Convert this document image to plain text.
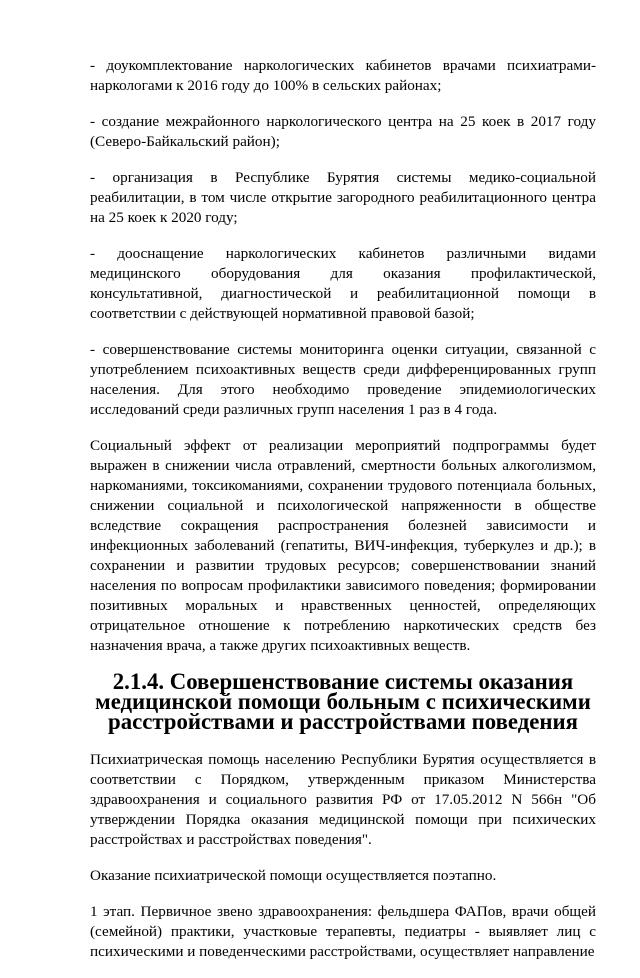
- доукомплектование наркологических кабинетов врачами психиатрами-наркологами к 2016 году до 100% в сельских районах;

- создание межрайонного наркологического центра на 25 коек в 2017 году (Северо-Байкальский район);

- организация в Республике Бурятия системы медико-социальной реабилитации, в том числе открытие загородного реабилитационного центра на 25 коек к 2020 году;

- дооснащение наркологических кабинетов различными видами медицинского оборудования для оказания профилактической, консультативной, диагностической и реабилитационной помощи в соответствии с действующей нормативной правовой базой;

- совершенствование системы мониторинга оценки ситуации, связанной с употреблением психоактивных веществ среди дифференцированных групп населения. Для этого необходимо проведение эпидемиологических исследований среди различных групп населения 1 раз в 4 года.

Социальный эффект от реализации мероприятий подпрограммы будет выражен в снижении числа отравлений, смертности больных алкоголизмом, наркоманиями, токсикоманиями, сохранении трудового потенциала больных, снижении социальной и психологической напряженности в обществе вследствие сокращения распространения болезней зависимости и инфекционных заболеваний (гепатиты, ВИЧ-инфекция, туберкулез и др.); в сохранении и развитии трудовых ресурсов; совершенствовании знаний населения по вопросам профилактики зависимого поведения; формировании позитивных моральных и нравственных ценностей, определяющих отрицательное отношение к потреблению наркотических средств без назначения врача, а также других психоактивных веществ.

2.1.4. Совершенствование системы оказания медицинской помощи больным с психическими расстройствами и расстройствами поведения

Психиатрическая помощь населению Республики Бурятия осуществляется в соответствии с Порядком, утвержденным приказом Министерства здравоохранения и социального развития РФ от 17.05.2012 N 566н "Об утверждении Порядка оказания медицинской помощи при психических расстройствах и расстройствах поведения".

Оказание психиатрической помощи осуществляется поэтапно.

1 этап. Первичное звено здравоохранения: фельдшера ФАПов, врачи общей (семейной) практики, участковые терапевты, педиатры - выявляет лиц с психическими и поведенческими расстройствами, осуществляет направление
